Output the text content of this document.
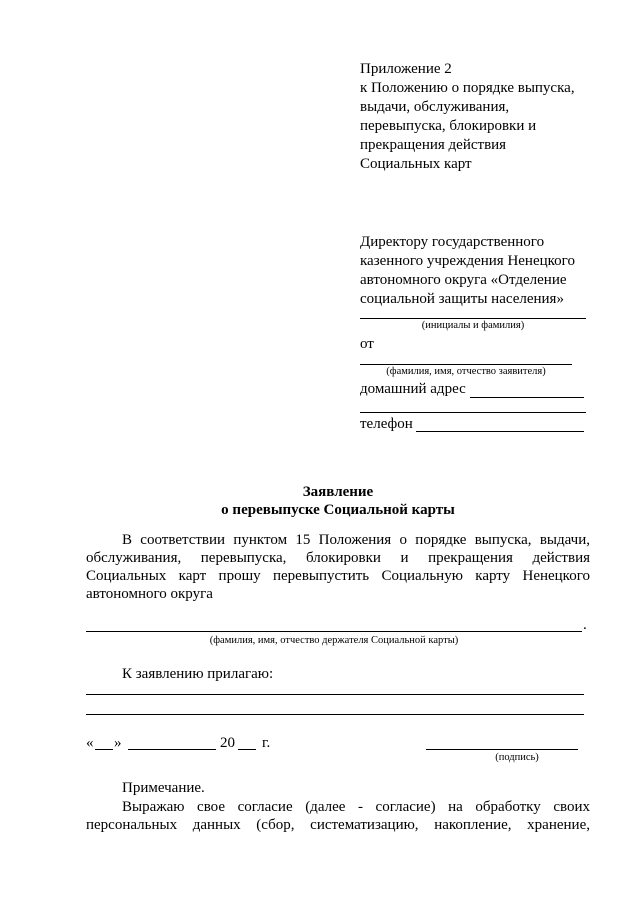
Приложение 2
к Положению о порядке выпуска,
выдачи, обслуживания,
перевыпуска, блокировки и
прекращения действия
Социальных карт
Директору государственного
казенного учреждения Ненецкого
автономного округа «Отделение
социальной защиты населения»
(инициалы и фамилия)
от
(фамилия, имя, отчество заявителя)
домашний адрес
телефон
Заявление
о перевыпуске Социальной карты
В соответствии пунктом 15 Положения о порядке выпуска, выдачи,
обслуживания, перевыпуска, блокировки и прекращения действия
Социальных карт прошу перевыпустить Социальную карту Ненецкого
автономного округа
.
(фамилия, имя, отчество держателя Социальной карты)
К заявлению прилагаю:
« »	20 г.
(подпись)
Примечание.
Выражаю свое согласие (далее - согласие) на обработку своих
персональных данных (сбор, систематизацию, накопление, хранение,
